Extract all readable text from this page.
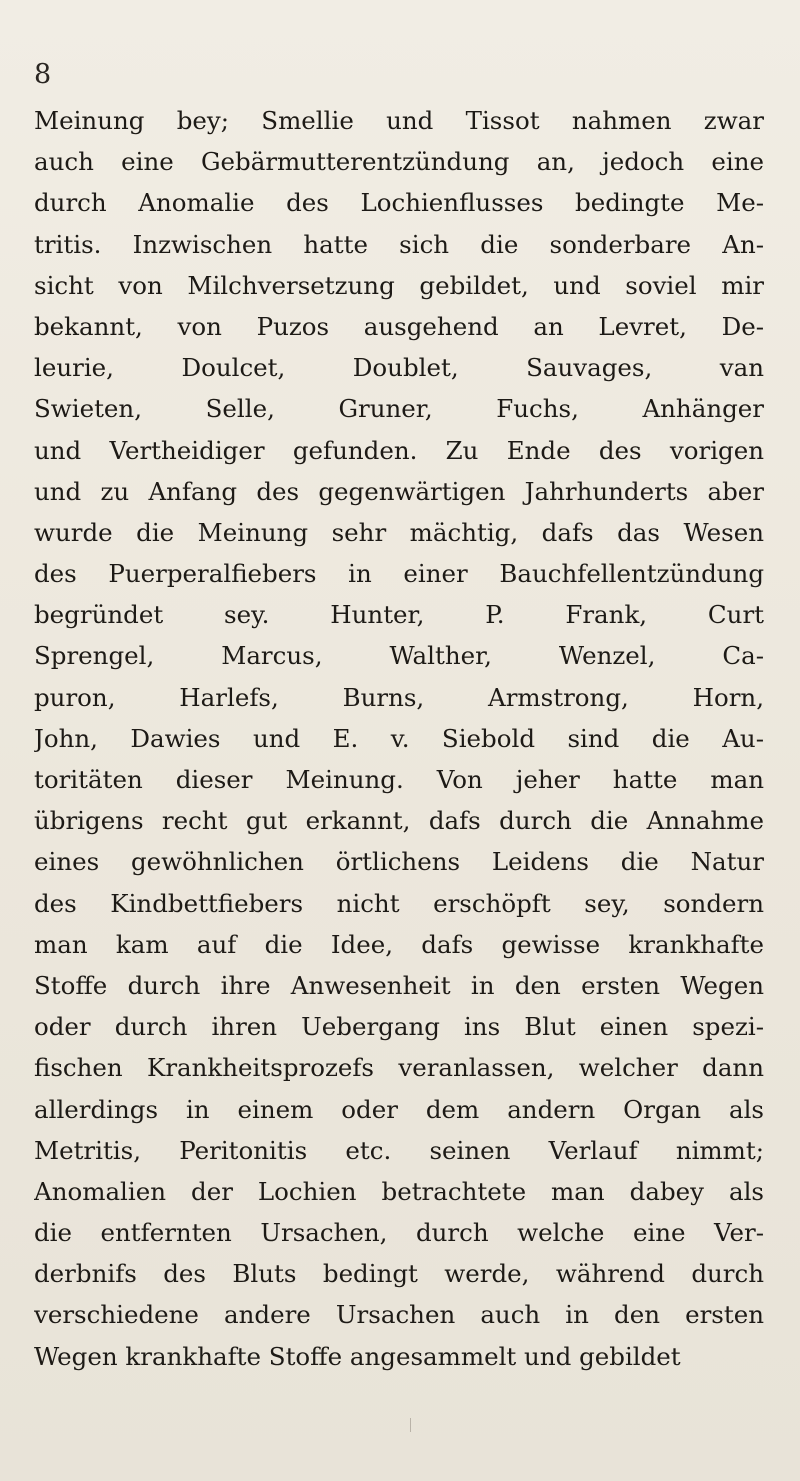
8
Meinung bey; Smellie und Tissot nahmen zwar
auch eine Gebärmutterentzündung an, jedoch eine
durch Anomalie des Lochienflusses bedingte Me-
tritis. Inzwischen hatte sich die sonderbare An-
sicht von Milchversetzung gebildet, und soviel mir
bekannt, von Puzos ausgehend an Levret, De-
leurie, Doulcet, Doublet, Sauvages, van
Swieten, Selle, Gruner, Fuchs, Anhänger
und Vertheidiger gefunden. Zu Ende des vorigen
und zu Anfang des gegenwärtigen Jahrhunderts aber
wurde die Meinung sehr mächtig, dafs das Wesen
des Puerperalfiebers in einer Bauchfellentzündung
begründet sey. Hunter, P. Frank, Curt
Sprengel, Marcus, Walther, Wenzel, Ca-
puron, Harlefs, Burns, Armstrong, Horn,
John, Dawies und E. v. Siebold sind die Au-
toritäten dieser Meinung. Von jeher hatte man
übrigens recht gut erkannt, dafs durch die Annahme
eines gewöhnlichen örtlichens Leidens die Natur
des Kindbettfiebers nicht erschöpft sey, sondern
man kam auf die Idee, dafs gewisse krankhafte
Stoffe durch ihre Anwesenheit in den ersten Wegen
oder durch ihren Uebergang ins Blut einen spezi-
fischen Krankheitsprozefs veranlassen, welcher dann
allerdings in einem oder dem andern Organ als
Metritis, Peritonitis etc. seinen Verlauf nimmt;
Anomalien der Lochien betrachtete man dabey als
die entfernten Ursachen, durch welche eine Ver-
derbnifs des Bluts bedingt werde, während durch
verschiedene andere Ursachen auch in den ersten
Wegen krankhafte Stoffe angesammelt und gebildet
